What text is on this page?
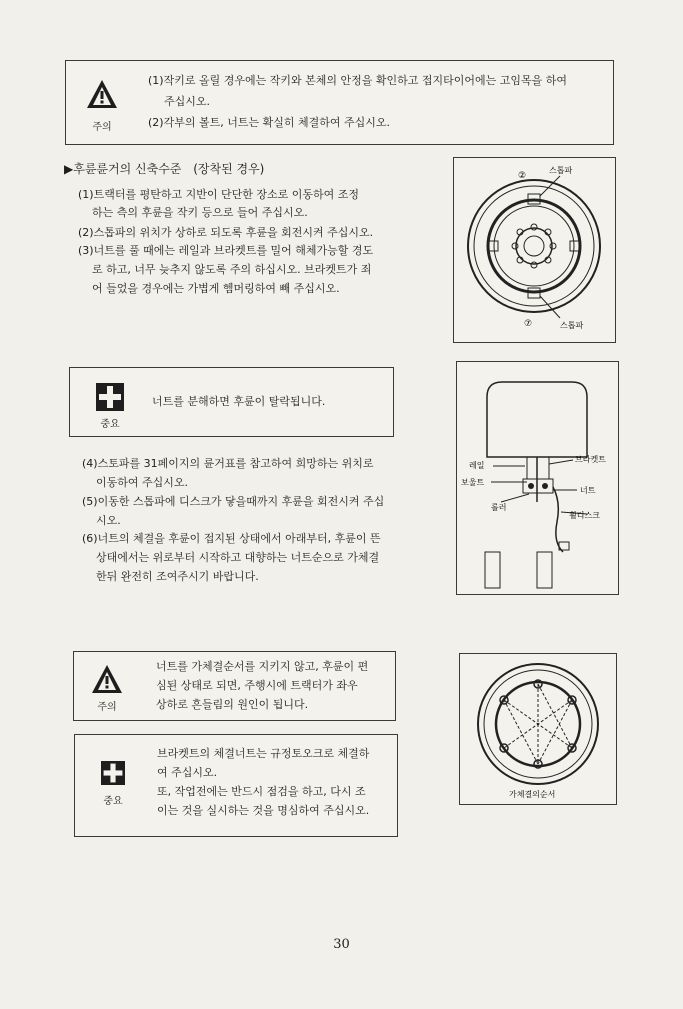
주의
(1)작키로 올릴 경우에는 작키와 본체의 안정을 확인하고 접지타이어에는 고임목을 하여
주십시오.
(2)각부의 볼트, 너트는 확실히 체결하여 주십시오.
▶후륜륜거의 신축수준 (장착된 경우)
(1)트랙터를 평탄하고 지반이 단단한 장소로 이동하여 조정
하는 측의 후륜을 작키 등으로 들어 주십시오.
(2)스톱파의 위치가 상하로 되도록 후륜을 회전시켜 주십시오.
(3)너트를 풀 때에는 레일과 브라켓트를 밀어 해체가능할 경도
로 하고, 너무 늦추지 않도록 주의 하십시오. 브라켓트가 죄
어 들었을 경우에는 가볍게 헴머링하여 빼 주십시오.
②
스톱파
⑦	스톱파
중요
너트를 분해하면 후륜이 탈락됩니다.
레일
보울트
롤러
브라켓트
너트
휠디스크
(4)스토파를 31페이지의 륜거표를 참고하여 희망하는 위치로
이동하여 주십시오.
(5)이동한 스톱파에 디스크가 닿을때까지 후륜을 회전시켜 주십
시오.
(6)너트의 체결을 후륜이 접지된 상태에서 아래부터, 후륜이 뜬
상태에서는 위로부터 시작하고 대향하는 너트순으로 가체결
한뒤 완전히 조여주시기 바랍니다.
주의
너트를 가체결순서를 지키지 않고, 후륜이 편
심된 상태로 되면, 주행시에 트랙터가 좌우
상하로 흔들림의 원인이 됩니다.
중요
브라켓트의 체결너트는 규정토오크로 체결하
여 주십시오.
또, 작업전에는 반드시 점검을 하고, 다시 조
이는 것을 실시하는 것을 명심하여 주십시오.
가체결의순서
30
